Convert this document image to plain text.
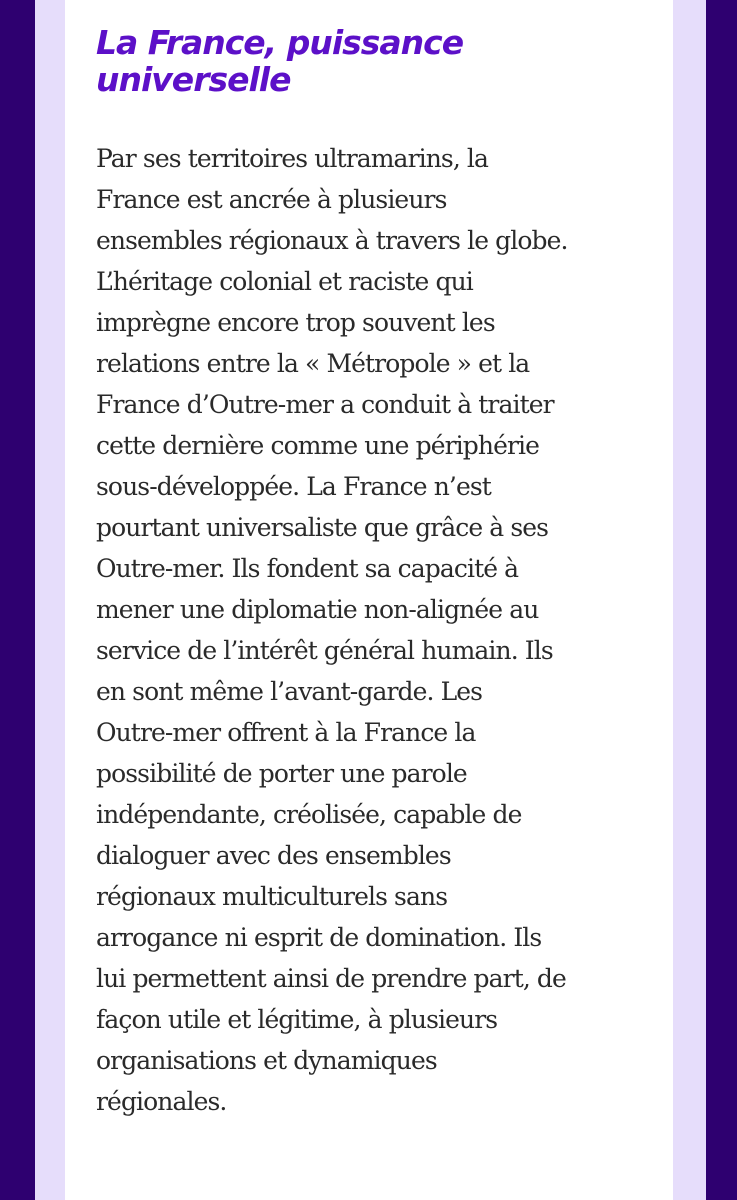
La France, puissance
universelle

Par ses territoires ultramarins, la
France est ancrée à plusieurs
ensembles régionaux à travers le globe.
L’héritage colonial et raciste qui
imprègne encore trop souvent les
relations entre la « Métropole » et la
France d’Outre-mer a conduit à traiter
cette dernière comme une périphérie
sous-développée. La France n’est
pourtant universaliste que grâce à ses
Outre-mer. Ils fondent sa capacité à
mener une diplomatie non-alignée au
service de l’intérêt général humain. Ils
en sont même l’avant-garde. Les
Outre-mer offrent à la France la
possibilité de porter une parole
indépendante, créolisée, capable de
dialoguer avec des ensembles
régionaux multiculturels sans
arrogance ni esprit de domination. Ils
lui permettent ainsi de prendre part, de
façon utile et légitime, à plusieurs
organisations et dynamiques
régionales.
